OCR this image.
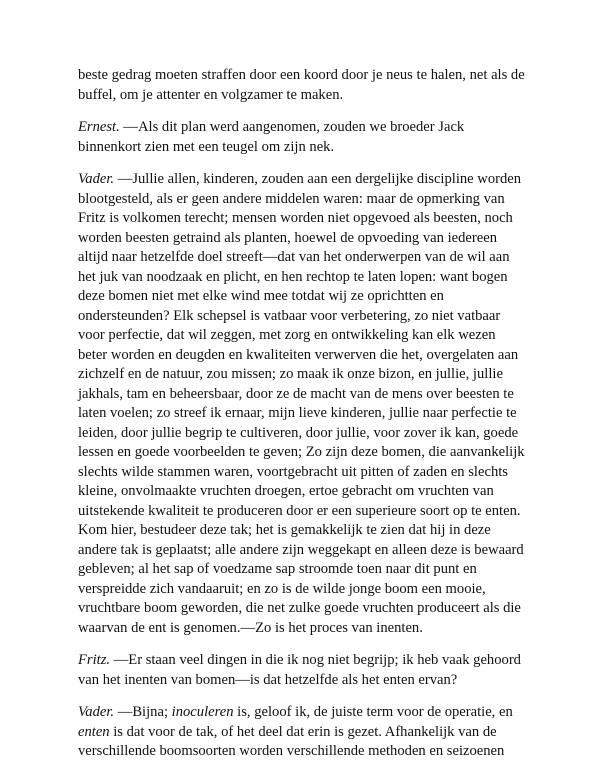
beste gedrag moeten straffen door een koord door je neus te halen, net als de buffel, om je attenter en volgzamer te maken.

Ernest. —Als dit plan werd aangenomen, zouden we broeder Jack binnenkort zien met een teugel om zijn nek.

Vader. —Jullie allen, kinderen, zouden aan een dergelijke discipline worden blootgesteld, als er geen andere middelen waren: maar de opmerking van Fritz is volkomen terecht; mensen worden niet opgevoed als beesten, noch worden beesten getraind als planten, hoewel de opvoeding van iedereen altijd naar hetzelfde doel streeft—dat van het onderwerpen van de wil aan het juk van noodzaak en plicht, en hen rechtop te laten lopen: want bogen deze bomen niet met elke wind mee totdat wij ze oprichtten en ondersteunden? Elk schepsel is vatbaar voor verbetering, zo niet vatbaar voor perfectie, dat wil zeggen, met zorg en ontwikkeling kan elk wezen beter worden en deugden en kwaliteiten verwerven die het, overgelaten aan zichzelf en de natuur, zou missen; zo maak ik onze bizon, en jullie, jullie jakhals, tam en beheersbaar, door ze de macht van de mens over beesten te laten voelen; zo streef ik ernaar, mijn lieve kinderen, jullie naar perfectie te leiden, door jullie begrip te cultiveren, door jullie, voor zover ik kan, goede lessen en goede voorbeelden te geven; Zo zijn deze bomen, die aanvankelijk slechts wilde stammen waren, voortgebracht uit pitten of zaden en slechts kleine, onvolmaakte vruchten droegen, ertoe gebracht om vruchten van uitstekende kwaliteit te produceren door er een superieure soort op te enten. Kom hier, bestudeer deze tak; het is gemakkelijk te zien dat hij in deze andere tak is geplaatst; alle andere zijn weggekapt en alleen deze is bewaard gebleven; al het sap of voedzame sap stroomde toen naar dit punt en verspreidde zich vandaaruit; en zo is de wilde jonge boom een mooie, vruchtbare boom geworden, die net zulke goede vruchten produceert als die waarvan de ent is genomen.—Zo is het proces van inenten.

Fritz. —Er staan veel dingen in die ik nog niet begrijp; ik heb vaak gehoord van het inenten van bomen—is dat hetzelfde als het enten ervan?

Vader. —Bijna; inoculeren is, geloof ik, de juiste term voor de operatie, en enten is dat voor de tak, of het deel dat erin is gezet. Afhankelijk van de verschillende boomsoorten worden verschillende methoden en seizoenen
